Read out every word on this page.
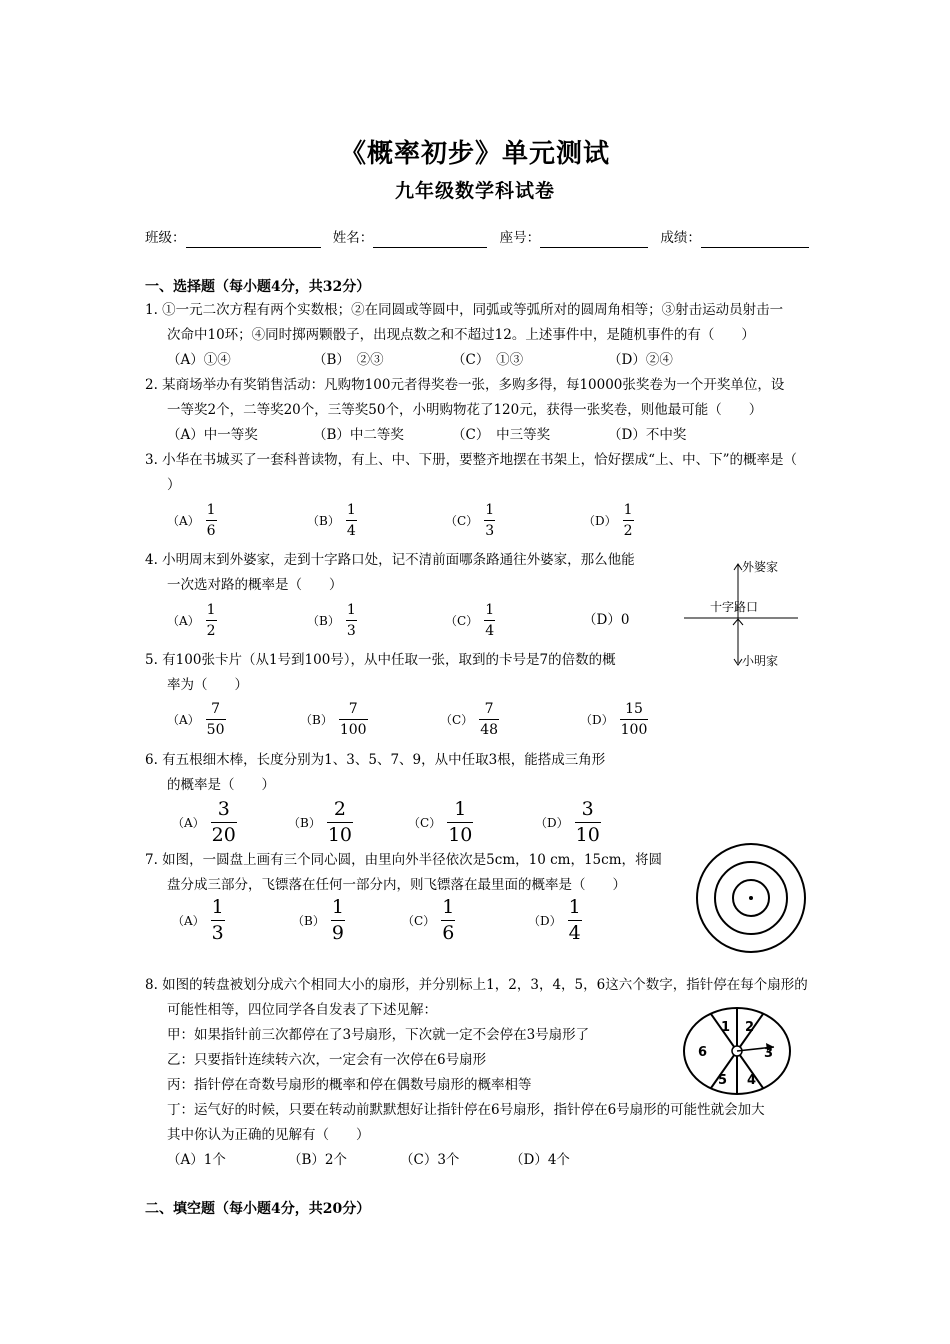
《概率初步》单元测试
九年级数学科试卷
班级：	姓名：	座号：	成绩：
一、选择题（每小题4分，共32分）
1. ①一元二次方程有两个实数根；②在同圆或等圆中，同弧或等弧所对的圆周角相等；③射击运动员射击一
次命中10环；④同时掷两颗骰子，出现点数之和不超过12。上述事件中，是随机事件的有（　　）
（A）①④	（B）　②③	（C）　①③	（D）②④
2. 某商场举办有奖销售活动：凡购物100元者得奖卷一张，多购多得，每10000张奖卷为一个开奖单位，设
一等奖2个，二等奖20个，三等奖50个，小明购物花了120元，获得一张奖卷，则他最可能（　　）
（A）中一等奖	（B）中二等奖	（C）　中三等奖	（D）不中奖
3. 小华在书城买了一套科普读物，有上、中、下册，要整齐地摆在书架上，恰好摆成“上、中、下”的概率是（
）
$(A) \frac{1}{6}$	$(B) \frac{1}{4}$	$(C) \frac{1}{3}$	$(D) \frac{1}{2}$
4. 小明周末到外婆家，走到十字路口处，记不清前面哪条路通往外婆家，那么他能
一次选对路的概率是（　　）
$(A) \frac{1}{2}$	$(B) \frac{1}{3}$	$(C) \frac{1}{4}$	（D）0
外婆家
十字路口
小明家
5. 有100张卡片（从1号到100号），从中任取一张，取到的卡号是7的倍数的概
率为（　　）
$(A) \frac{7}{50}$	$(B) \frac{7}{100}$	$(C) \frac{7}{48}$	$(D) \frac{15}{100}$
6. 有五根细木棒，长度分别为1、3、5、7、9，从中任取3根，能搭成三角形
的概率是（　　）
$(A) \frac{3}{20}$	$(B) \frac{2}{10}$	$(C) \frac{1}{10}$	$(D) \frac{3}{10}$
7. 如图，一圆盘上画有三个同心圆，由里向外半径依次是5cm，10 cm，15cm，将圆
盘分成三部分，飞镖落在任何一部分内，则飞镖落在最里面的概率是（　　）
$(A) \frac{1}{3}$	$(B) \frac{1}{9}$	$(C) \frac{1}{6}$	$(D) \frac{1}{4}$
8. 如图的转盘被划分成六个相同大小的扇形，并分别标上1，2，3，4，5，6这六个数字，指针停在每个扇形的
可能性相等，四位同学各自发表了下述见解：
甲：如果指针前三次都停在了3号扇形，下次就一定不会停在3号扇形了
乙：只要指针连续转六次，一定会有一次停在6号扇形
丙：指针停在奇数号扇形的概率和停在偶数号扇形的概率相等
丁：运气好的时候，只要在转动前默默想好让指针停在6号扇形，指针停在6号扇形的可能性就会加大
其中你认为正确的见解有（　　）
（A）1个	（B）2个	（C）3个	（D）4个
1 2
3
4
5
6
二、填空题（每小题4分，共20分）
